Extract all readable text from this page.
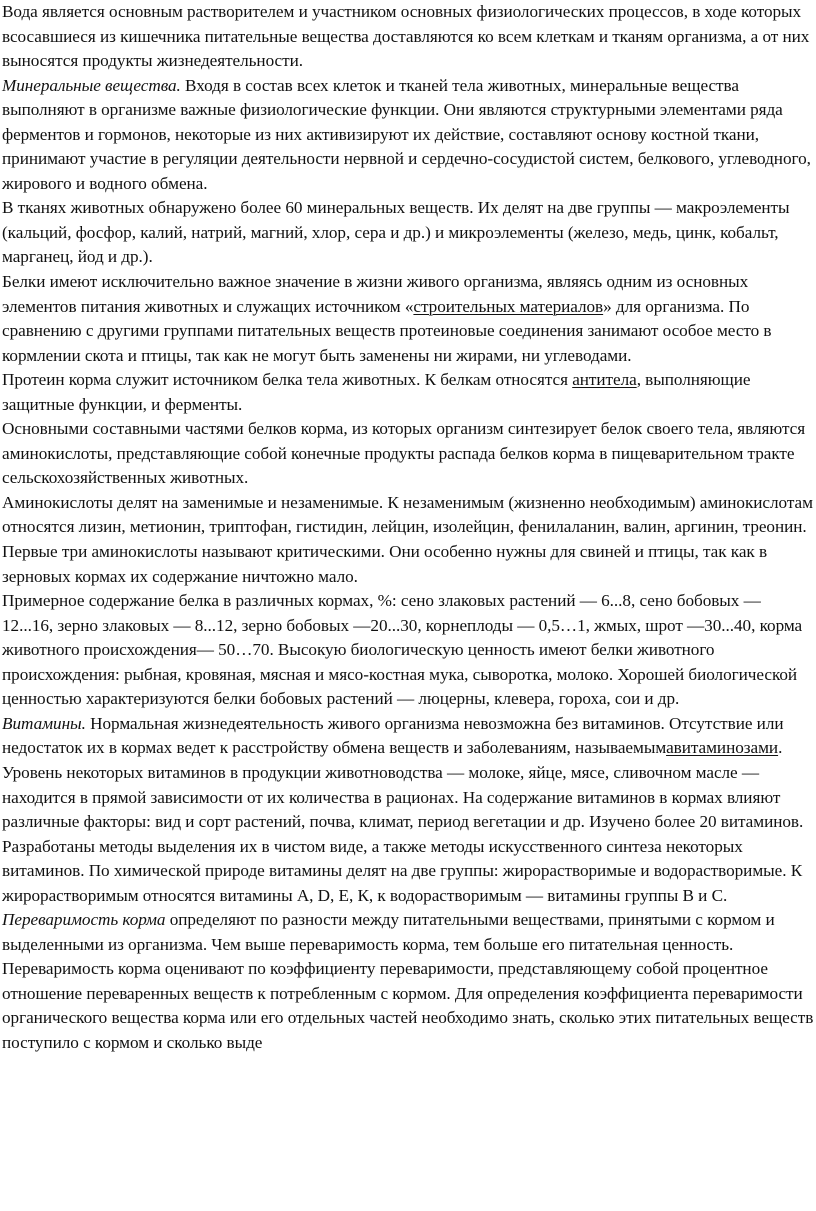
Вода является основным растворителем и участником основных физиологических процессов, в ходе которых всосавшиеся из кишечника питательные вещества доставляются ко всем клеткам и тканям организма, а от них выносятся продукты жизнедеятельности.

Минеральные вещества. Входя в состав всех клеток и тканей тела животных, минеральные вещества выполняют в организме важные физиологические функции. Они являются структурными элементами ряда ферментов и гормонов, некоторые из них активизируют их действие, составляют основу костной ткани, принимают участие в регуляции деятельности нервной и сердечно-сосудистой систем, белкового, углеводного, жирового и водного обмена.

В тканях животных обнаружено более 60 минеральных веществ. Их делят на две группы — макроэлементы (кальций, фосфор, калий, натрий, магний, хлор, сера и др.) и микроэлементы (железо, медь, цинк, кобальт, марганец, йод и др.).

Белки имеют исключительно важное значение в жизни живого организма, являясь одним из основных элементов питания животных и служащих источником «строительных материалов» для организма. По сравнению с другими группами питательных веществ протеиновые соединения занимают особое место в кормлении скота и птицы, так как не могут быть заменены ни жирами, ни углеводами.

Протеин корма служит источником белка тела животных. К белкам относятся антитела, выполняющие защитные функции, и ферменты.

Основными составными частями белков корма, из которых организм синтезирует белок своего тела, являются аминокислоты, представляющие собой конечные продукты распада белков корма в пищеварительном тракте сельскохозяйственных животных.

Аминокислоты делят на заменимые и незаменимые. К незаменимым (жизненно необходимым) аминокислотам относятся лизин, метионин, триптофан, гистидин, лейцин, изолейцин, фенилаланин, валин, аргинин, треонин. Первые три аминокислоты называют критическими. Они особенно нужны для свиней и птицы, так как в зерновых кормах их содержание ничтожно мало.

Примерное содержание белка в различных кормах, %: сено злаковых растений — 6...8, сено бобовых — 12...16, зерно злаковых — 8...12, зерно бобовых —20...30, корнеплоды — 0,5…1, жмых, шрот —30...40, корма животного происхождения— 50…70. Высокую биологическую ценность имеют белки животного происхождения: рыбная, кровяная, мясная и мясо-костная мука, сыворотка, молоко. Хорошей биологической ценностью характеризуются белки бобовых растений — люцерны, клевера, гороха, сои и др.

Витамины. Нормальная жизнедеятельность живого организма невозможна без витаминов. Отсутствие или недостаток их в кормах ведет к расстройству обмена веществ и заболеваниям, называемымавитаминозами.

Уровень некоторых витаминов в продукции животноводства — молоке, яйце, мясе, сливочном масле — находится в прямой зависимости от их количества в рационах. На содержание витаминов в кормах влияют различные факторы: вид и сорт растений, почва, климат, период вегетации и др. Изучено более 20 витаминов. Разработаны методы выделения их в чистом виде, а также методы искусственного синтеза некоторых витаминов. По химической природе витамины делят на две группы: жирорастворимые и водорастворимые. К жирорастворимым относятся витамины А, D, Е, К, к водорастворимым — витамины группы В и С.

Переваримость корма определяют по разности между питательными веществами, принятыми с кормом и выделенными из организма. Чем выше переваримость корма, тем больше его питательная ценность. Переваримость корма оценивают по коэффициенту переваримости, представляющему собой процентное отношение переваренных веществ к потребленным с кормом. Для определения коэффициента переваримости органического вещества корма или его отдельных частей необходимо знать, сколько этих питательных веществ поступило с кормом и сколько выде
